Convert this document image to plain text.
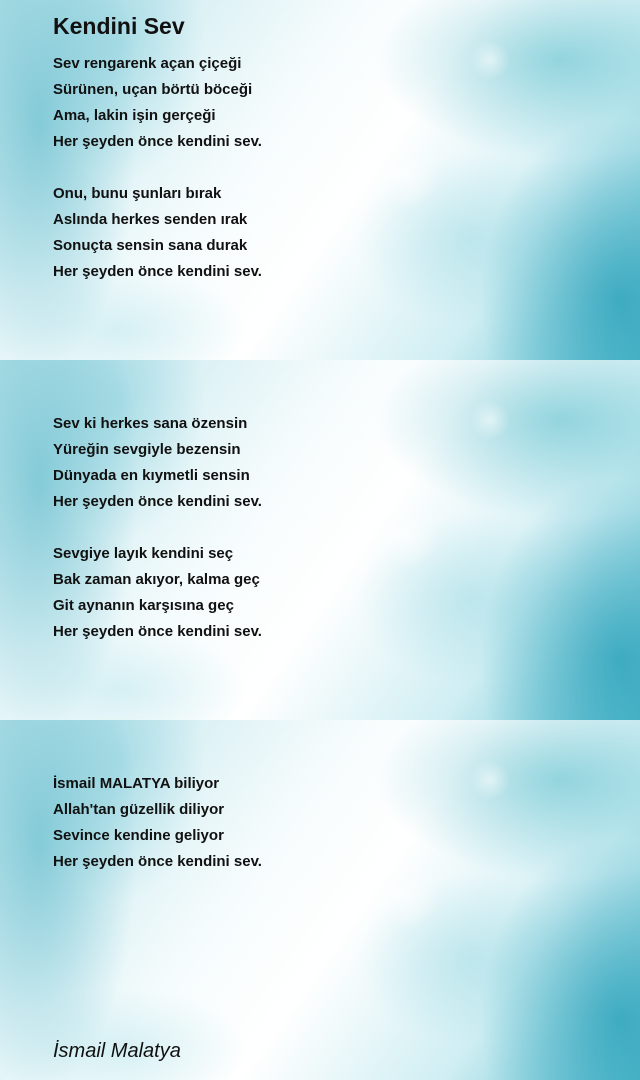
Kendini Sev
Sev rengarenk açan çiçeği
Sürünen, uçan börtü böceği
Ama, lakin işin gerçeği
Her şeyden önce kendini sev.
Onu, bunu şunları bırak
Aslında herkes senden ırak
Sonuçta sensin sana durak
Her şeyden önce kendini sev.
Sev ki herkes sana özensin
Yüreğin sevgiyle bezensin
Dünyada en kıymetli sensin
Her şeyden önce kendini sev.
Sevgiye layık kendini seç
Bak zaman akıyor, kalma geç
Git aynanın karşısına geç
Her şeyden önce kendini sev.
İsmail MALATYA biliyor
Allah'tan güzellik diliyor
Sevince kendine geliyor
Her şeyden önce kendini sev.

İsmail Malatya
